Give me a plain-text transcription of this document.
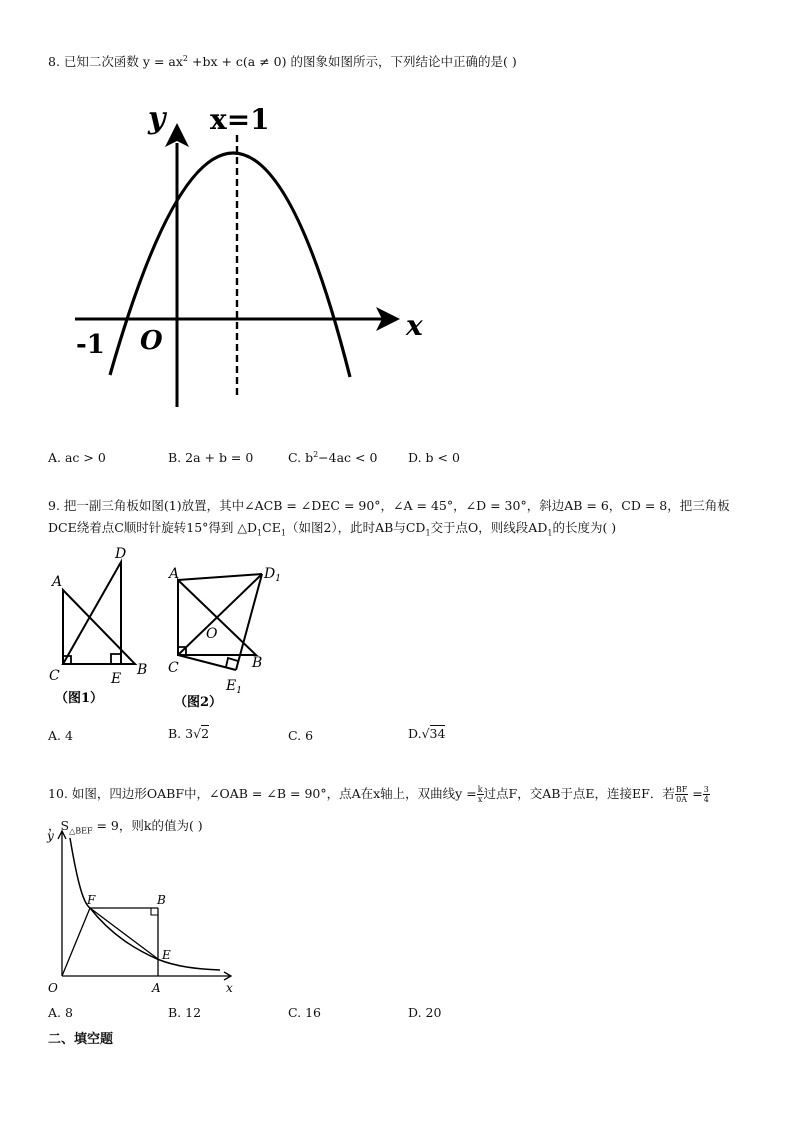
8. 已知二次函数 $y = ax^2 +bx + c(a \ne 0)$ 的图象如图所示，下列结论中正确的是( )
y x=1
x
-1 O
A. ac > 0	B. 2a + b = 0	C. $b^2-4ac < 0$ D. b < 0
9. 把一副三角板如图(1)放置，其中∠ACB = ∠DEC = 90°，∠A = 45°，∠D = 30°，斜边AB = 6，CD = 8，把三角板
DCE绕着点C顺时针旋转15°得到 $\triangle D_1CE_1$（如图2），此时AB与$CD_1$交于点O，则线段$AD_1$的长度为( )
A
D
C	E
B
（图1）
A	$D_1$
O
C	B
$E_1$
（图2）
A. 4	B. 3√2	C. 6	D.√34
10. 如图，四边形OABF中，∠OAB = ∠B = 90°，点A在x轴上，双曲线$y = \frac{k}{x}$ 过点F，交AB于点E，连接EF．若 $\frac{BF}{0A} = \frac{3}{4}$
，$S_{\triangle BEF} = 9$，则k的值为( )
y
x
O	A
B
E
F
A. 8	B. 12	C. 16	D. 20
二、填空题
